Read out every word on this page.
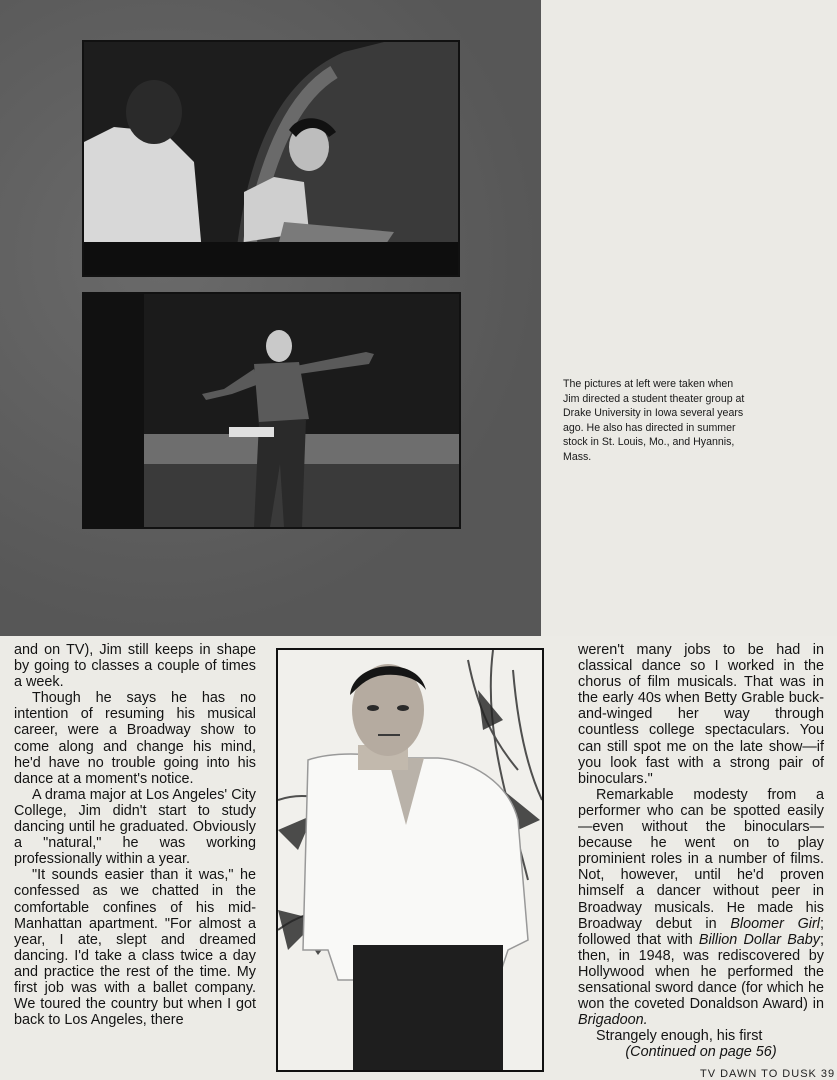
The pictures at left were taken when Jim directed a student theater group at Drake University in Iowa several years ago. He also has directed in summer stock in St. Louis, Mo., and Hyannis, Mass.

and on TV), Jim still keeps in shape by going to classes a couple of times a week.

Though he says he has no intention of resuming his musical career, were a Broadway show to come along and change his mind, he'd have no trouble going into his dance at a moment's notice.

A drama major at Los Angeles' City College, Jim didn't start to study dancing until he graduated. Obviously a "natural," he was working professionally within a year.

"It sounds easier than it was," he confessed as we chatted in the comfortable confines of his mid-Manhattan apartment. "For almost a year, I ate, slept and dreamed dancing. I'd take a class twice a day and practice the rest of the time. My first job was with a ballet company. We toured the country but when I got back to Los Angeles, there

weren't many jobs to be had in classical dance so I worked in the chorus of film musicals. That was in the early 40s when Betty Grable buck-and-winged her way through countless college spectaculars. You can still spot me on the late show—if you look fast with a strong pair of binoculars."

Remarkable modesty from a performer who can be spotted easily—even without the binoculars—because he went on to play prominient roles in a number of films. Not, however, until he'd proven himself a dancer without peer in Broadway musicals. He made his Broadway debut in Bloomer Girl; followed that with Billion Dollar Baby; then, in 1948, was rediscovered by Hollywood when he performed the sensational sword dance (for which he won the coveted Donaldson Award) in Brigadoon.

Strangely enough, his first

(Continued on page 56)
TV DAWN TO DUSK 39
